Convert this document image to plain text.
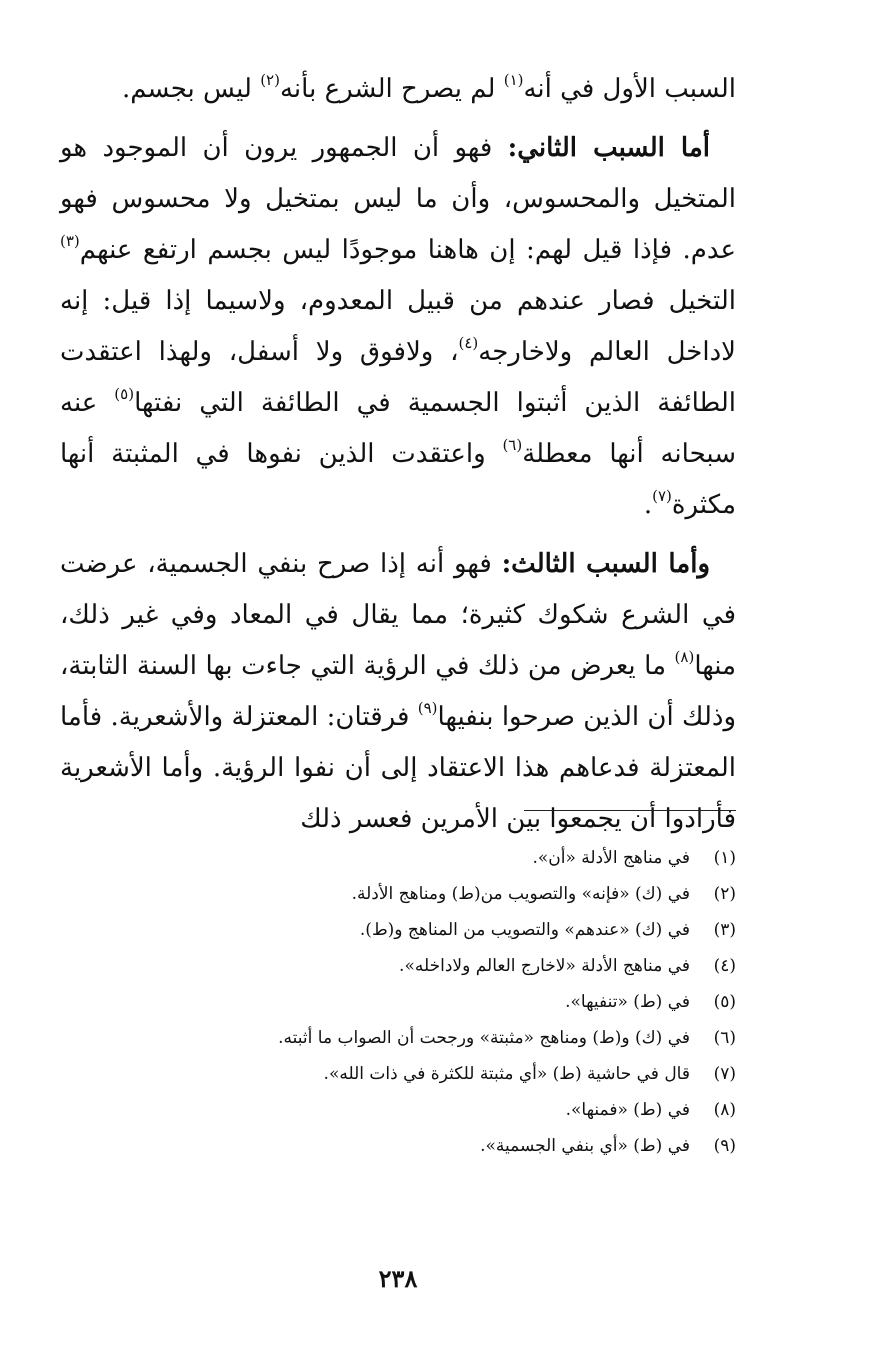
السبب الأول في أنه$^{(١)}$ لم يصرح الشرع بأنه$^{(٢)}$ ليس بجسم.

أما السبب الثاني: فهو أن الجمهور يرون أن الموجود هو المتخيل والمحسوس، وأن ما ليس بمتخيل ولا محسوس فهو عدم. فإذا قيل لهم: إن هاهنا موجودًا ليس بجسم ارتفع عنهم$^{(٣)}$ التخيل فصار عندهم من قبيل المعدوم، ولاسيما إذا قيل: إنه لاداخل العالم ولاخارجه$^{(٤)}$، ولافوق ولا أسفل، ولهذا اعتقدت الطائفة الذين أثبتوا الجسمية في الطائفة التي نفتها$^{(٥)}$ عنه سبحانه أنها معطلة$^{(٦)}$ واعتقدت الذين نفوها في المثبتة أنها مكثرة$^{(٧)}$.

وأما السبب الثالث: فهو أنه إذا صرح بنفي الجسمية، عرضت في الشرع شكوك كثيرة؛ مما يقال في المعاد وفي غير ذلك، منها$^{(٨)}$ ما يعرض من ذلك في الرؤية التي جاءت بها السنة الثابتة، وذلك أن الذين صرحوا بنفيها$^{(٩)}$ فرقتان: المعتزلة والأشعرية. فأما المعتزلة فدعاهم هذا الاعتقاد إلى أن نفوا الرؤية. وأما الأشعرية فأرادوا أن يجمعوا بين الأمرين فعسر ذلك

(١)
في مناهج الأدلة «أن».
(٢)
في (ك) «فإنه» والتصويب من(ط) ومناهج الأدلة.
(٣)
في (ك) «عندهم» والتصويب من المناهج و(ط).
(٤)
في مناهج الأدلة «لاخارج العالم ولاداخله».
(٥)
في (ط) «تنفيها».
(٦)
في (ك) و(ط) ومناهج «مثبتة» ورجحت أن الصواب ما أثبته.
(٧)
قال في حاشية (ط) «أي مثبتة للكثرة في ذات الله».
(٨)
في (ط) «فمنها».
(٩)
في (ط) «أي بنفي الجسمية».
٢٣٨
